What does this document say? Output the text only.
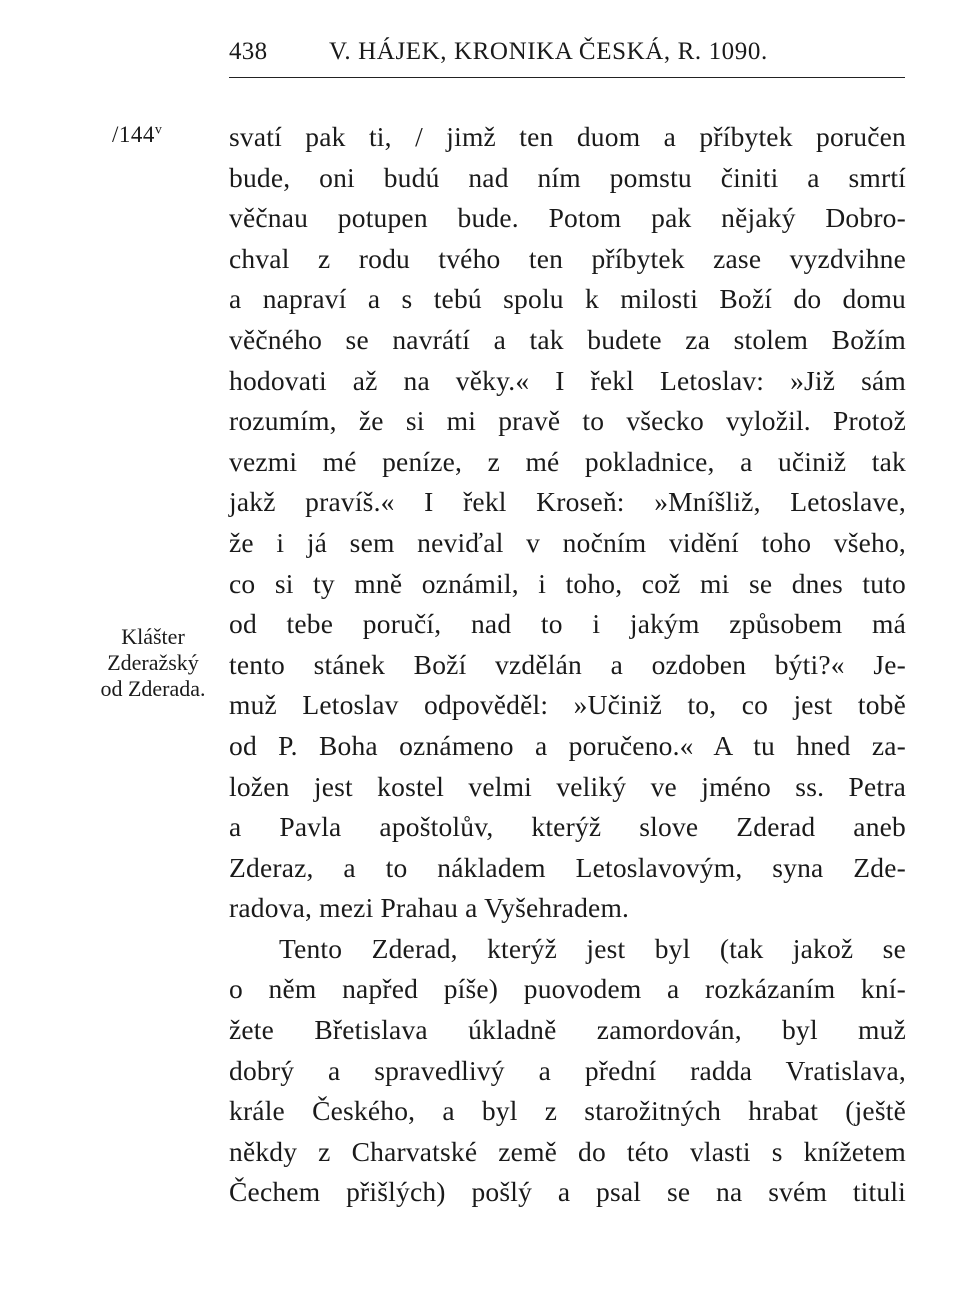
438 V. HÁJEK, KRONIKA ČESKÁ, R. 1090.
/144$^v$
Klášter
Zderažský
od Zderada.
svatí pak ti, / jimž ten duom a příbytek poručen
bude, oni budú nad ním pomstu činiti a smrtí
věčnau potupen bude. Potom pak nějaký Dobro-
chval z rodu tvého ten příbytek zase vyzdvihne
a napraví a s tebú spolu k milosti Boží do domu
věčného se navrátí a tak budete za stolem Božím
hodovati až na věky.« I řekl Letoslav: »Již sám
rozumím, že si mi pravě to všecko vyložil. Protož
vezmi mé peníze, z mé pokladnice, a učiniž tak
jakž pravíš.« I řekl Kroseň: »Mníšliž, Letoslave,
že i já sem neviďal v nočním vidění toho všeho,
co si ty mně oznámil, i toho, což mi se dnes tuto
od tebe poručí, nad to i jakým způsobem má
tento stánek Boží vzdělán a ozdoben býti?« Je-
muž Letoslav odpověděl: »Učiniž to, co jest tobě
od P. Boha oznámeno a poručeno.« A tu hned za-
ložen jest kostel velmi veliký ve jméno ss. Petra
a Pavla apoštolův, kterýž slove Zderad aneb
Zderaz, a to nákladem Letoslavovým, syna Zde-
radova, mezi Prahau a Vyšehradem.
Tento Zderad, kterýž jest byl (tak jakož se
o něm napřed píše) puovodem a rozkázaním kní-
žete Břetislava úkladně zamordován, byl muž
dobrý a spravedlivý a přední radda Vratislava,
krále Českého, a byl z starožitných hrabat (ještě
někdy z Charvatské země do této vlasti s knížetem
Čechem přišlých) pošlý a psal se na svém tituli
